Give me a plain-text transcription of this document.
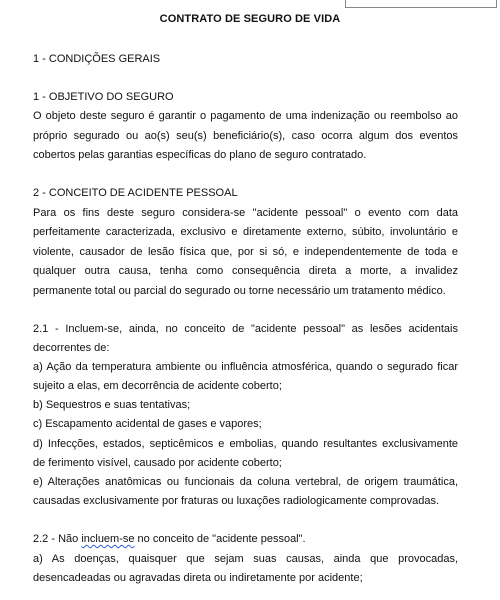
CONTRATO DE SEGURO DE VIDA
1 - CONDIÇÕES GERAIS
1 - OBJETIVO DO SEGURO
O objeto deste seguro é garantir o pagamento de uma indenização ou reembolso ao
próprio segurado ou ao(s) seu(s) beneficiário(s), caso ocorra algum dos eventos
cobertos pelas garantias específicas do plano de seguro contratado.
2 - CONCEITO DE ACIDENTE PESSOAL
Para os fins deste seguro considera-se "acidente pessoal" o evento com data
perfeitamente caracterizada, exclusivo e diretamente externo, súbito, involuntário e
violente, causador de lesão física que, por si só, e independentemente de toda e
qualquer outra causa, tenha como consequência direta a morte, a invalidez
permanente total ou parcial do segurado ou torne necessário um tratamento médico.
2.1 - Incluem-se, ainda, no conceito de "acidente pessoal" as lesões acidentais
decorrentes de:
a) Ação da temperatura ambiente ou influência atmosférica, quando o segurado ficar
sujeito a elas, em decorrência de acidente coberto;
b) Sequestros e suas tentativas;
c) Escapamento acidental de gases e vapores;
d) Infecções, estados, septicêmicos e embolias, quando resultantes exclusivamente
de ferimento visível, causado por acidente coberto;
e) Alterações anatômicas ou funcionais da coluna vertebral, de origem traumática,
causadas exclusivamente por fraturas ou luxações radiologicamente comprovadas.
2.2 - Não incluem-se no conceito de "acidente pessoal".
a) As doenças, quaisquer que sejam suas causas, ainda que provocadas,
desencadeadas ou agravadas direta ou indiretamente por acidente;
